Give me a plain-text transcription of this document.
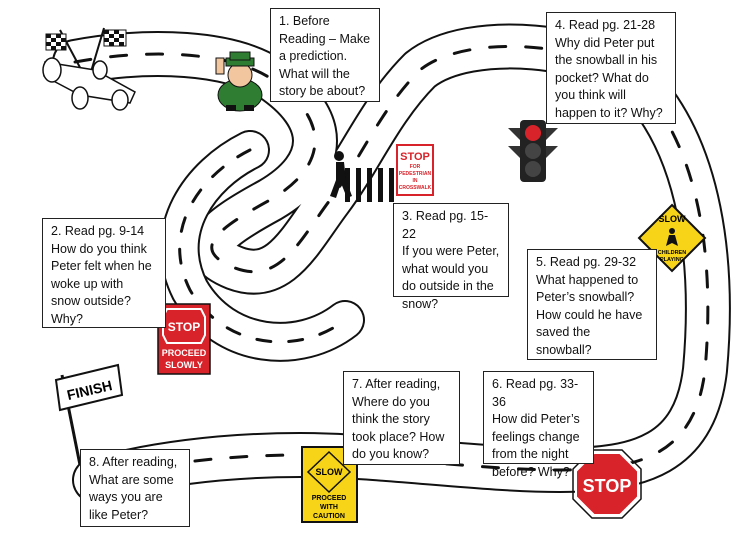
STOP
FOR
PEDESTRIAN
IN
CROSSWALK
SLOW
CHILDREN
PLAYING
STOP
PROCEED
SLOWLY
FINISH
SLOW
PROCEED
WITH
CAUTION
STOP
1. Before
Reading – Make
a prediction.
What will the
story be about?
2. Read pg. 9-14
How do you think
Peter felt when he
woke up with
snow outside?
Why?
3. Read pg. 15-22
If you were Peter,
what would you
do outside in the
snow?
4. Read pg. 21-28
Why did Peter put
the snowball in his
pocket? What do
you think will
happen to it? Why?
5. Read pg. 29-32
What happened to
Peter’s snowball?
How could he have
saved the
snowball?
6. Read pg. 33-36
How did Peter’s
feelings change
from the night
before? Why?
7. After reading,
Where do you
think the story
took place? How
do you know?
8. After reading,
What are some
ways you are
like Peter?
